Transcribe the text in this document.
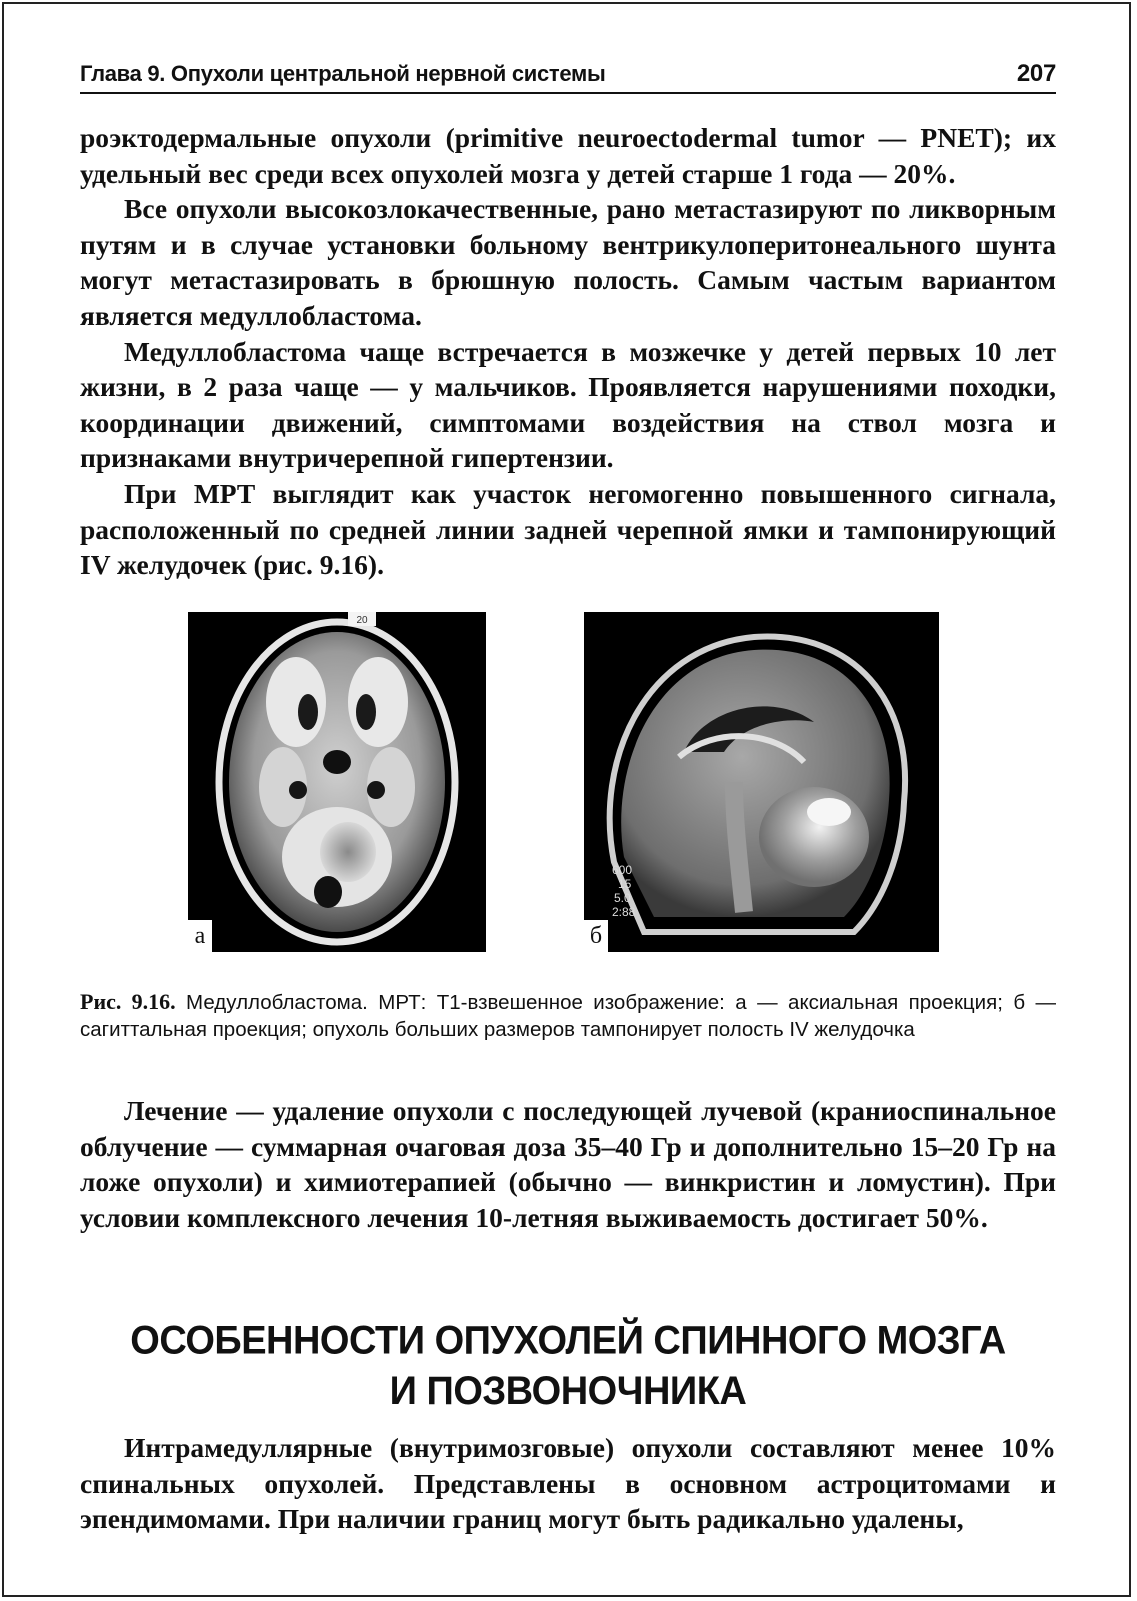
Глава 9. Опухоли центральной нервной системы	207

роэктодермальные опухоли (primitive neuroectodermal tumor — PNET); их удельный вес среди всех опухолей мозга у детей старше 1 года — 20%.

Все опухоли высокозлокачественные, рано метастазируют по ликворным путям и в случае установки больному вентрикулоперитонеального шунта могут метастазировать в брюшную полость. Самым частым вариантом является медуллобластома.

Медуллобластома чаще встречается в мозжечке у детей первых 10 лет жизни, в 2 раза чаще — у мальчиков. Проявляется нарушениями походки, координации движений, симптомами воздействия на ствол мозга и признаками внутричерепной гипертензии.

При МРТ выглядит как участок негомогенно повышенного сигнала, расположенный по средней линии задней черепной ямки и тампонирующий IV желудочек (рис. 9.16).

20
а
600
15
5.0
2:88
б
Рис. 9.16. Медуллобластома. МРТ: Т1-взвешенное изображение: а — аксиальная проекция; б — сагиттальная проекция; опухоль больших размеров тампонирует полость IV желудочка

Лечение — удаление опухоли с последующей лучевой (краниоспинальное облучение — суммарная очаговая доза 35–40 Гр и дополнительно 15–20 Гр на ложе опухоли) и химиотерапией (обычно — винкристин и ломустин). При условии комплексного лечения 10-летняя выживаемость достигает 50%.

ОСОБЕННОСТИ ОПУХОЛЕЙ СПИННОГО МОЗГА
И ПОЗВОНОЧНИКА

Интрамедуллярные (внутримозговые) опухоли составляют менее 10% спинальных опухолей. Представлены в основном астроцитомами и эпендимомами. При наличии границ могут быть радикально удалены,
